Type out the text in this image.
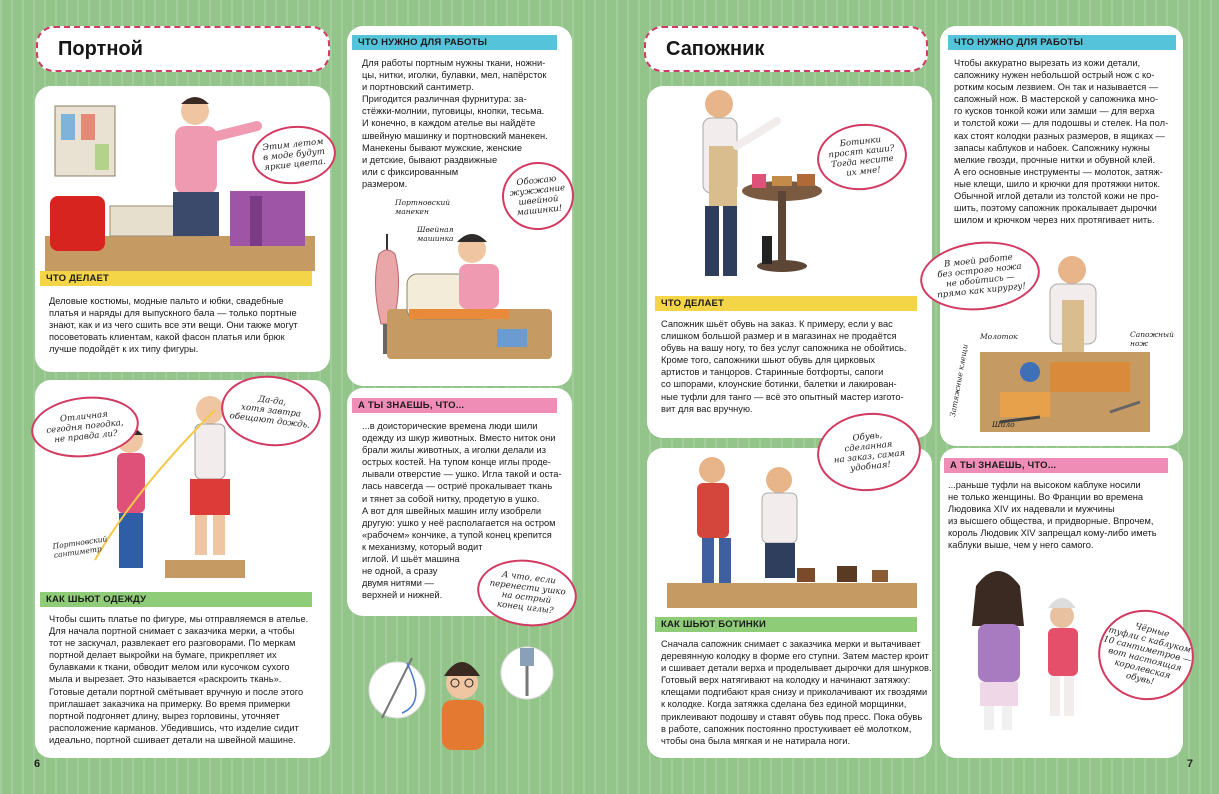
Портной
Этим летом
в моде будут
яркие цвета.
ЧТО ДЕЛАЕТ
Деловые костюмы, модные пальто и юбки, свадебные
платья и наряды для выпускного бала — только портные
знают, как и из чего сшить все эти вещи. Они также могут
посоветовать клиентам, какой фасон платья или брюк
лучше подойдёт к их типу фигуры.
ЧТО НУЖНО ДЛЯ РАБОТЫ
Для работы портным нужны ткани, ножни-
цы, нитки, иголки, булавки, мел, напёрсток
и портновский сантиметр.
Пригодится различная фурнитура: за-
стёжки-молнии, пуговицы, кнопки, тесьма.
И конечно, в каждом ателье вы найдёте
швейную машинку и портновский манекен.
Манекены бывают мужские, женские
и детские, бывают раздвижные
или с фиксированным
размером.	Обожаю
жужжание
швейной
машинки!
Портновский
манекен
Швейная
машинка
Отличная
сегодня погодка,
не правда ли?
Да-да,
хотя завтра
обещают дождь.
Портновский
сантиметр
КАК ШЬЮТ ОДЕЖДУ
Чтобы сшить платье по фигуре, мы отправляемся в ателье.
Для начала портной снимает с заказчика мерки, а чтобы
тот не заскучал, развлекает его разговорами. По меркам
портной делает выкройки на бумаге, прикрепляет их
булавками к ткани, обводит мелом или кусочком сухого
мыла и вырезает. Это называется «раскроить ткань».
Готовые детали портной смётывает вручную и после этого
приглашает заказчика на примерку. Во время примерки
портной подгоняет длину, вырез горловины, уточняет
расположение карманов. Убедившись, что изделие сидит
идеально, портной сшивает детали на швейной машине.
А ТЫ ЗНАЕШЬ, ЧТО...
...в доисторические времена люди шили
одежду из шкур животных. Вместо ниток они
брали жилы животных, а иголки делали из
острых костей. На тупом конце иглы проде-
лывали отверстие — ушко. Игла такой и оста-
лась навсегда — остриё прокалывает ткань
и тянет за собой нитку, продетую в ушко.
А вот для швейных машин иглу изобрели
другую: ушко у неё располагается на остром
«рабочем» кончике, а тупой конец крепится
к механизму, который водит
иглой. И шьёт машина
не одной, а сразу
двумя нитями —
верхней и нижней.
А что, если
перенести ушко
на острый
конец иглы?
6
Сапожник
Ботинки
просят каши?
Тогда несите
их мне!
ЧТО ДЕЛАЕТ
Сапожник шьёт обувь на заказ. К примеру, если у вас
слишком большой размер и в магазинах не продаётся
обувь на вашу ногу, то без услуг сапожника не обойтись.
Кроме того, сапожники шьют обувь для цирковых
артистов и танцоров. Старинные ботфорты, сапоги
со шпорами, клоунские ботинки, балетки и лакирован-
ные туфли для танго — всё это опытный мастер изгото-
вит для вас вручную.
ЧТО НУЖНО ДЛЯ РАБОТЫ
Чтобы аккуратно вырезать из кожи детали,
сапожнику нужен небольшой острый нож с ко-
ротким косым лезвием. Он так и называется —
сапожный нож. В мастерской у сапожника мно-
го кусков тонкой кожи или замши — для верха
и толстой кожи — для подошвы и стелек. На пол-
ках стоят колодки разных размеров, в ящиках —
запасы каблуков и набоек. Сапожнику нужны
мелкие гвозди, прочные нитки и обувной клей.
А его основные инструменты — молоток, затяж-
ные клещи, шило и крючки для протяжки ниток.
Обычной иглой детали из толстой кожи не про-
шить, поэтому сапожник прокалывает дырочки
шилом и крючком через них протягивает нить.
В моей работе
без острого ножа
не обойтись —
прямо как хирургу!
Молоток
Затяжные клещи
Сапожный
нож
Шило
Обувь,
сделанная
на заказ, самая
удобная!
КАК ШЬЮТ БОТИНКИ
Сначала сапожник снимает с заказчика мерки и вытачивает
деревянную колодку в форме его ступни. Затем мастер кроит
и сшивает детали верха и проделывает дырочки для шнурков.
Готовый верх натягивают на колодку и начинают затяжку:
клещами подгибают края снизу и приколачивают их гвоздями
к колодке. Когда затяжка сделана без единой морщинки,
приклеивают подошву и ставят обувь под пресс. Пока обувь
в работе, сапожник постоянно простукивает её молотком,
чтобы она была мягкая и не натирала ноги.
А ТЫ ЗНАЕШЬ, ЧТО...
...раньше туфли на высоком каблуке носили
не только женщины. Во Франции во времена
Людовика XIV их надевали и мужчины
из высшего общества, и придворные. Впрочем,
король Людовик XIV запрещал кому-либо иметь
каблуки выше, чем у него самого.
Чёрные
туфли с каблуком
10 сантиметров —
вот настоящая
королевская
обувь!
7
